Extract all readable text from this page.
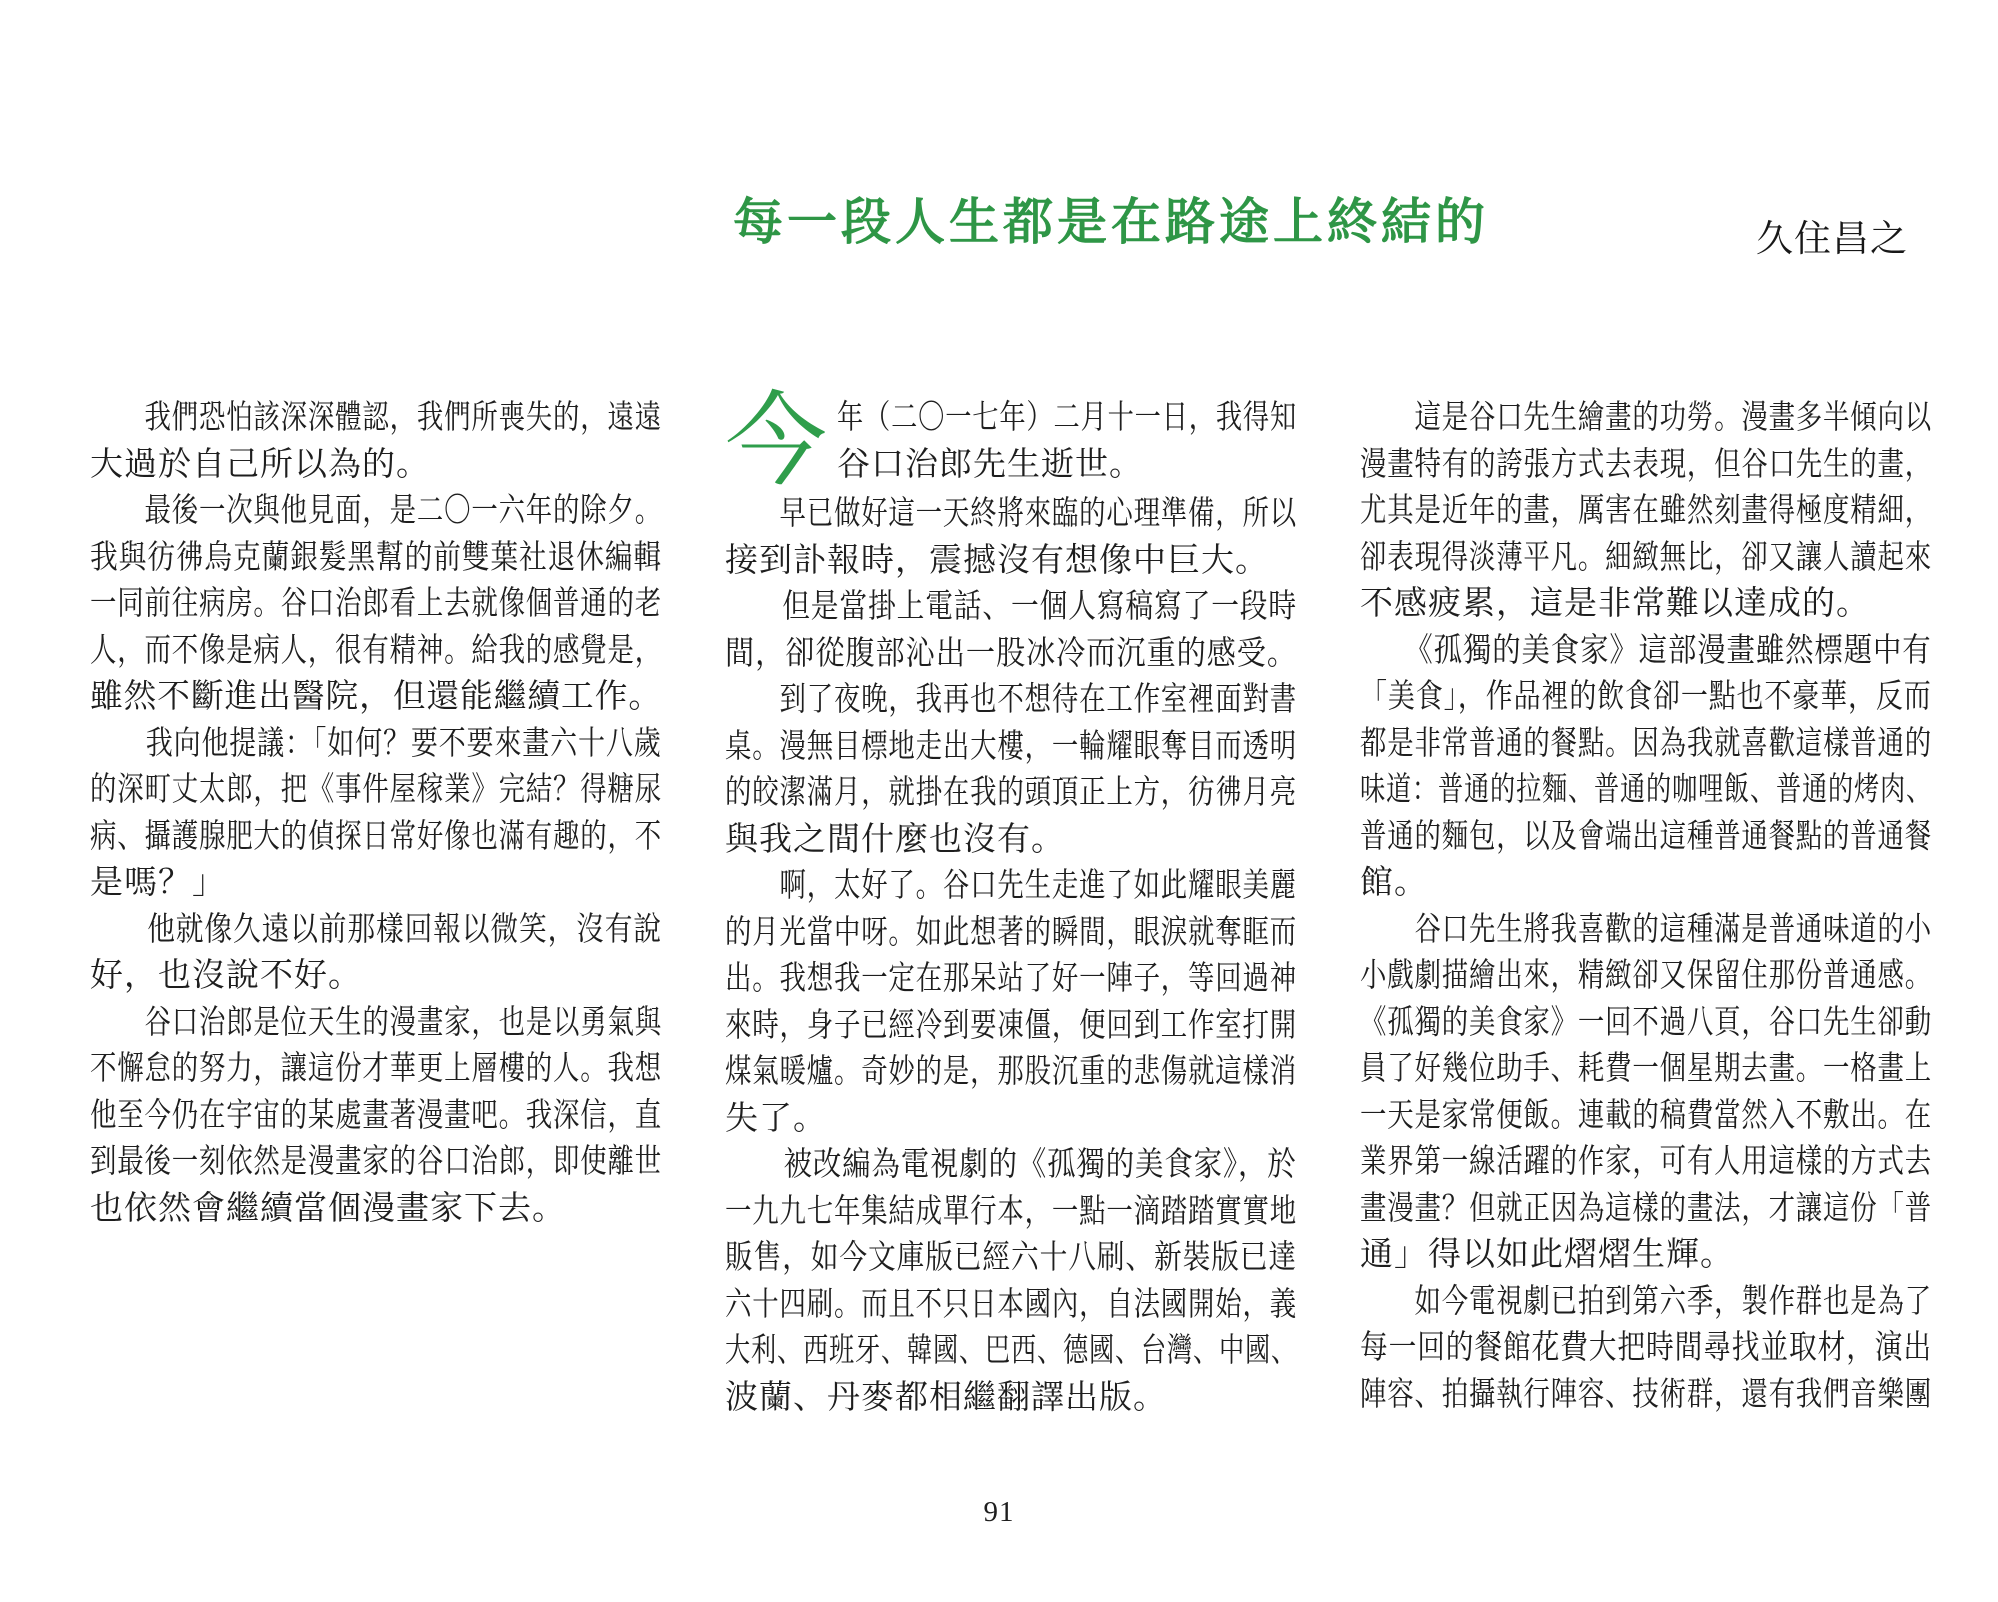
每一段人生都是在路途上終結的	久住昌之
　　我們恐怕該深深體認，我們所喪失的，遠遠
大過於自己所以為的。
　　最後一次與他見面，是二〇一六年的除夕。
我與彷彿烏克蘭銀髮黑幫的前雙葉社退休編輯
一同前往病房。谷口治郎看上去就像個普通的老
人，而不像是病人，很有精神。給我的感覺是，
雖然不斷進出醫院，但還能繼續工作。
　　我向他提議：「如何？要不要來畫六十八歲
的深町丈太郎，把《事件屋稼業》完結？得糖尿
病、攝護腺肥大的偵探日常好像也滿有趣的，不
是嗎？」
　　他就像久遠以前那樣回報以微笑，沒有說
好，也沒說不好。
　　谷口治郎是位天生的漫畫家，也是以勇氣與
不懈怠的努力，讓這份才華更上層樓的人。我想
他至今仍在宇宙的某處畫著漫畫吧。我深信，直
到最後一刻依然是漫畫家的谷口治郎，即使離世
也依然會繼續當個漫畫家下去。
今 年（二〇一七年）二月十一日，我得知
谷口治郎先生逝世。
　　早已做好這一天終將來臨的心理準備，所以
接到訃報時，震撼沒有想像中巨大。
　　但是當掛上電話、一個人寫稿寫了一段時
間，卻從腹部沁出一股冰冷而沉重的感受。
　　到了夜晚，我再也不想待在工作室裡面對書
桌。漫無目標地走出大樓，一輪耀眼奪目而透明
的皎潔滿月，就掛在我的頭頂正上方，彷彿月亮
與我之間什麼也沒有。
　　啊，太好了。谷口先生走進了如此耀眼美麗
的月光當中呀。如此想著的瞬間，眼淚就奪眶而
出。我想我一定在那呆站了好一陣子，等回過神
來時，身子已經冷到要凍僵，便回到工作室打開
煤氣暖爐。奇妙的是，那股沉重的悲傷就這樣消
失了。
　　被改編為電視劇的《孤獨的美食家》，於
一九九七年集結成單行本，一點一滴踏踏實實地
販售，如今文庫版已經六十八刷、新裝版已達
六十四刷。而且不只日本國內，自法國開始，義
大利、西班牙、韓國、巴西、德國、台灣、中國、
波蘭、丹麥都相繼翻譯出版。
　　這是谷口先生繪畫的功勞。漫畫多半傾向以
漫畫特有的誇張方式去表現，但谷口先生的畫，
尤其是近年的畫，厲害在雖然刻畫得極度精細，
卻表現得淡薄平凡。細緻無比，卻又讓人讀起來
不感疲累，這是非常難以達成的。
　　《孤獨的美食家》這部漫畫雖然標題中有
「美食」，作品裡的飲食卻一點也不豪華，反而
都是非常普通的餐點。因為我就喜歡這樣普通的
味道：普通的拉麵、普通的咖哩飯、普通的烤肉、
普通的麵包，以及會端出這種普通餐點的普通餐
館。
　　谷口先生將我喜歡的這種滿是普通味道的小
小戲劇描繪出來，精緻卻又保留住那份普通感。
《孤獨的美食家》一回不過八頁，谷口先生卻動
員了好幾位助手、耗費一個星期去畫。一格畫上
一天是家常便飯。連載的稿費當然入不敷出。在
業界第一線活躍的作家，可有人用這樣的方式去
畫漫畫？但就正因為這樣的畫法，才讓這份「普
通」得以如此熠熠生輝。
　　如今電視劇已拍到第六季，製作群也是為了
每一回的餐館花費大把時間尋找並取材，演出
陣容、拍攝執行陣容、技術群，還有我們音樂團
91
